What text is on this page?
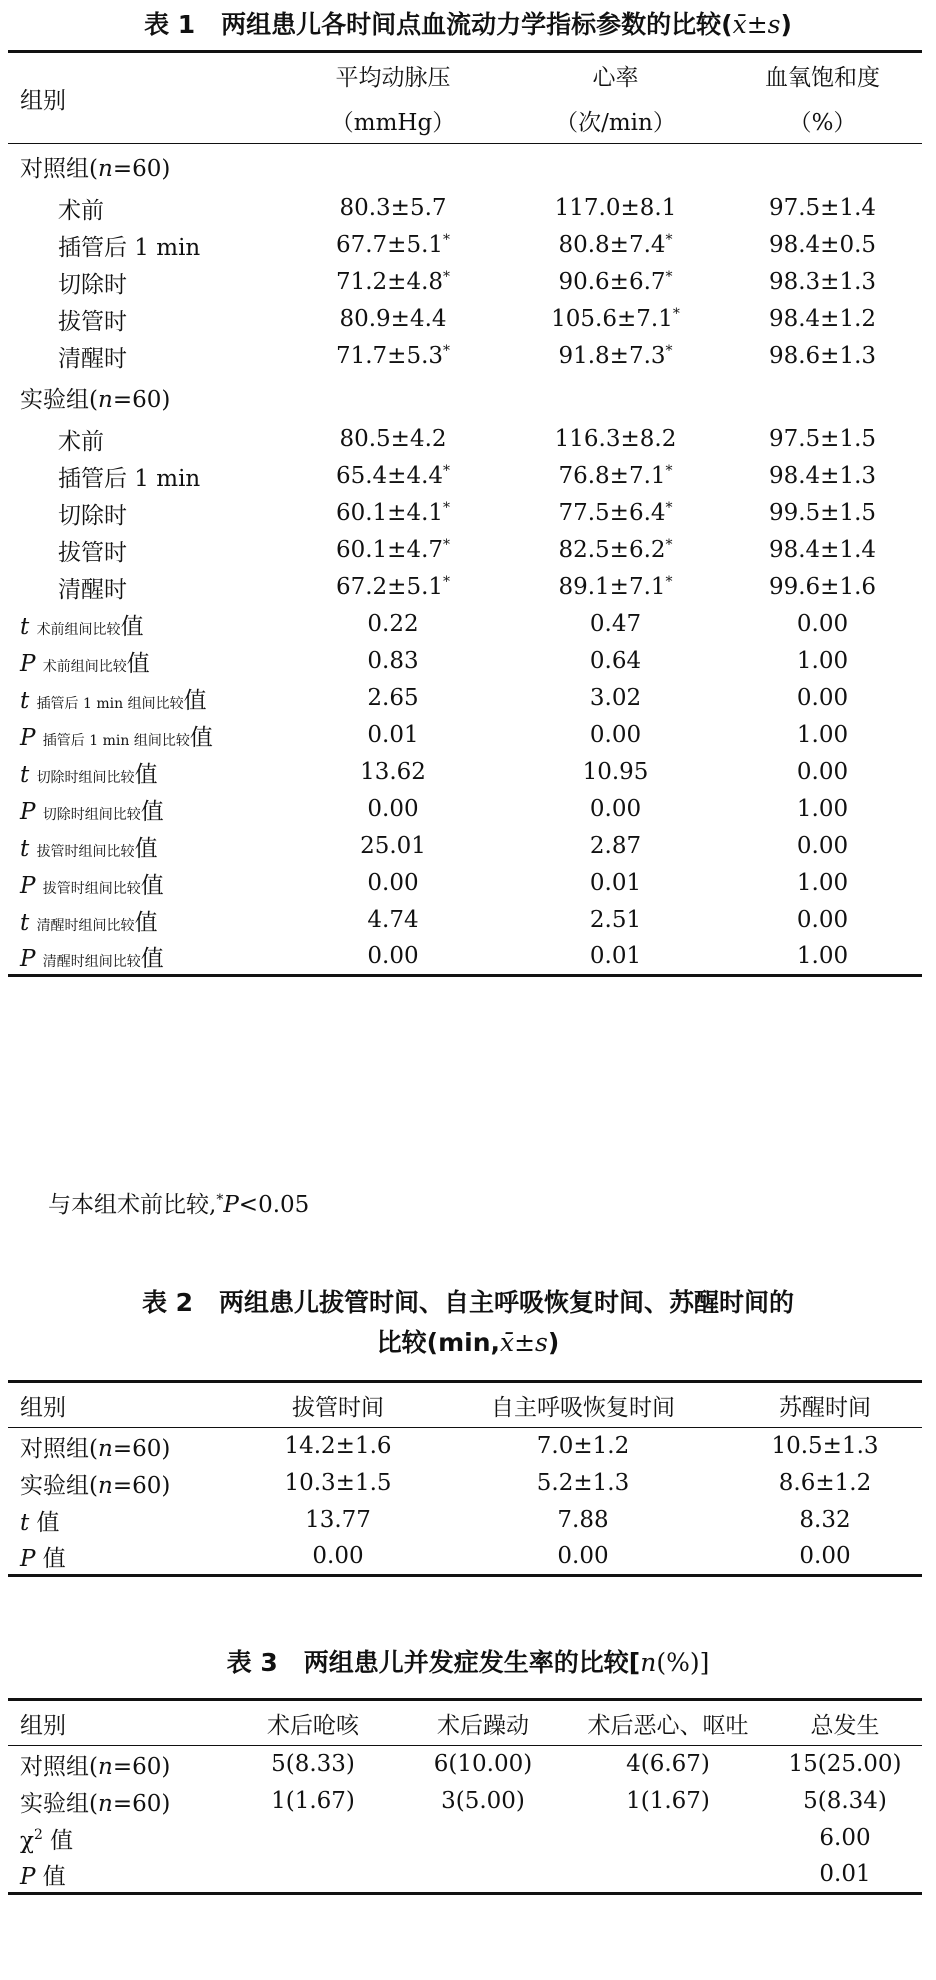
表 1 两组患儿各时间点血流动力学指标参数的比较(x̄±s)
组别	平均动脉压	心率	血氧饱和度
	（mmHg）	（次/min）	（%）
对照组(n=60)			
术前	80.3±5.7	117.0±8.1	97.5±1.4
插管后 1 min	67.7±5.1*	80.8±7.4*	98.4±0.5
切除时	71.2±4.8*	90.6±6.7*	98.3±1.3
拔管时	80.9±4.4	105.6±7.1*	98.4±1.2
清醒时	71.7±5.3*	91.8±7.3*	98.6±1.3
实验组(n=60)			
术前	80.5±4.2	116.3±8.2	97.5±1.5
插管后 1 min	65.4±4.4*	76.8±7.1*	98.4±1.3
切除时	60.1±4.1*	77.5±6.4*	99.5±1.5
拔管时	60.1±4.7*	82.5±6.2*	98.4±1.4
清醒时	67.2±5.1*	89.1±7.1*	99.6±1.6
t 术前组间比较值	0.22	0.47	0.00
P 术前组间比较值	0.83	0.64	1.00
t 插管后 1 min 组间比较值	2.65	3.02	0.00
P 插管后 1 min 组间比较值	0.01	0.00	1.00
t 切除时组间比较值	13.62	10.95	0.00
P 切除时组间比较值	0.00	0.00	1.00
t 拔管时组间比较值	25.01	2.87	0.00
P 拔管时组间比较值	0.00	0.01	1.00
t 清醒时组间比较值	4.74	2.51	0.00
P 清醒时组间比较值	0.00	0.01	1.00
与本组术前比较,*P<0.05
表 2 两组患儿拔管时间、自主呼吸恢复时间、苏醒时间的
比较(min,x̄±s)
组别	拔管时间	自主呼吸恢复时间	苏醒时间
对照组(n=60)	14.2±1.6	7.0±1.2	10.5±1.3
实验组(n=60)	10.3±1.5	5.2±1.3	8.6±1.2
t 值	13.77	7.88	8.32
P 值	0.00	0.00	0.00
表 3 两组患儿并发症发生率的比较[n(%)]
组别	术后呛咳	术后躁动	术后恶心、呕吐	总发生
对照组(n=60)	5(8.33)	6(10.00)	4(6.67)	15(25.00)
实验组(n=60)	1(1.67)	3(5.00)	1(1.67)	5(8.34)
$\chi^2$ 值				6.00
P 值				0.01
